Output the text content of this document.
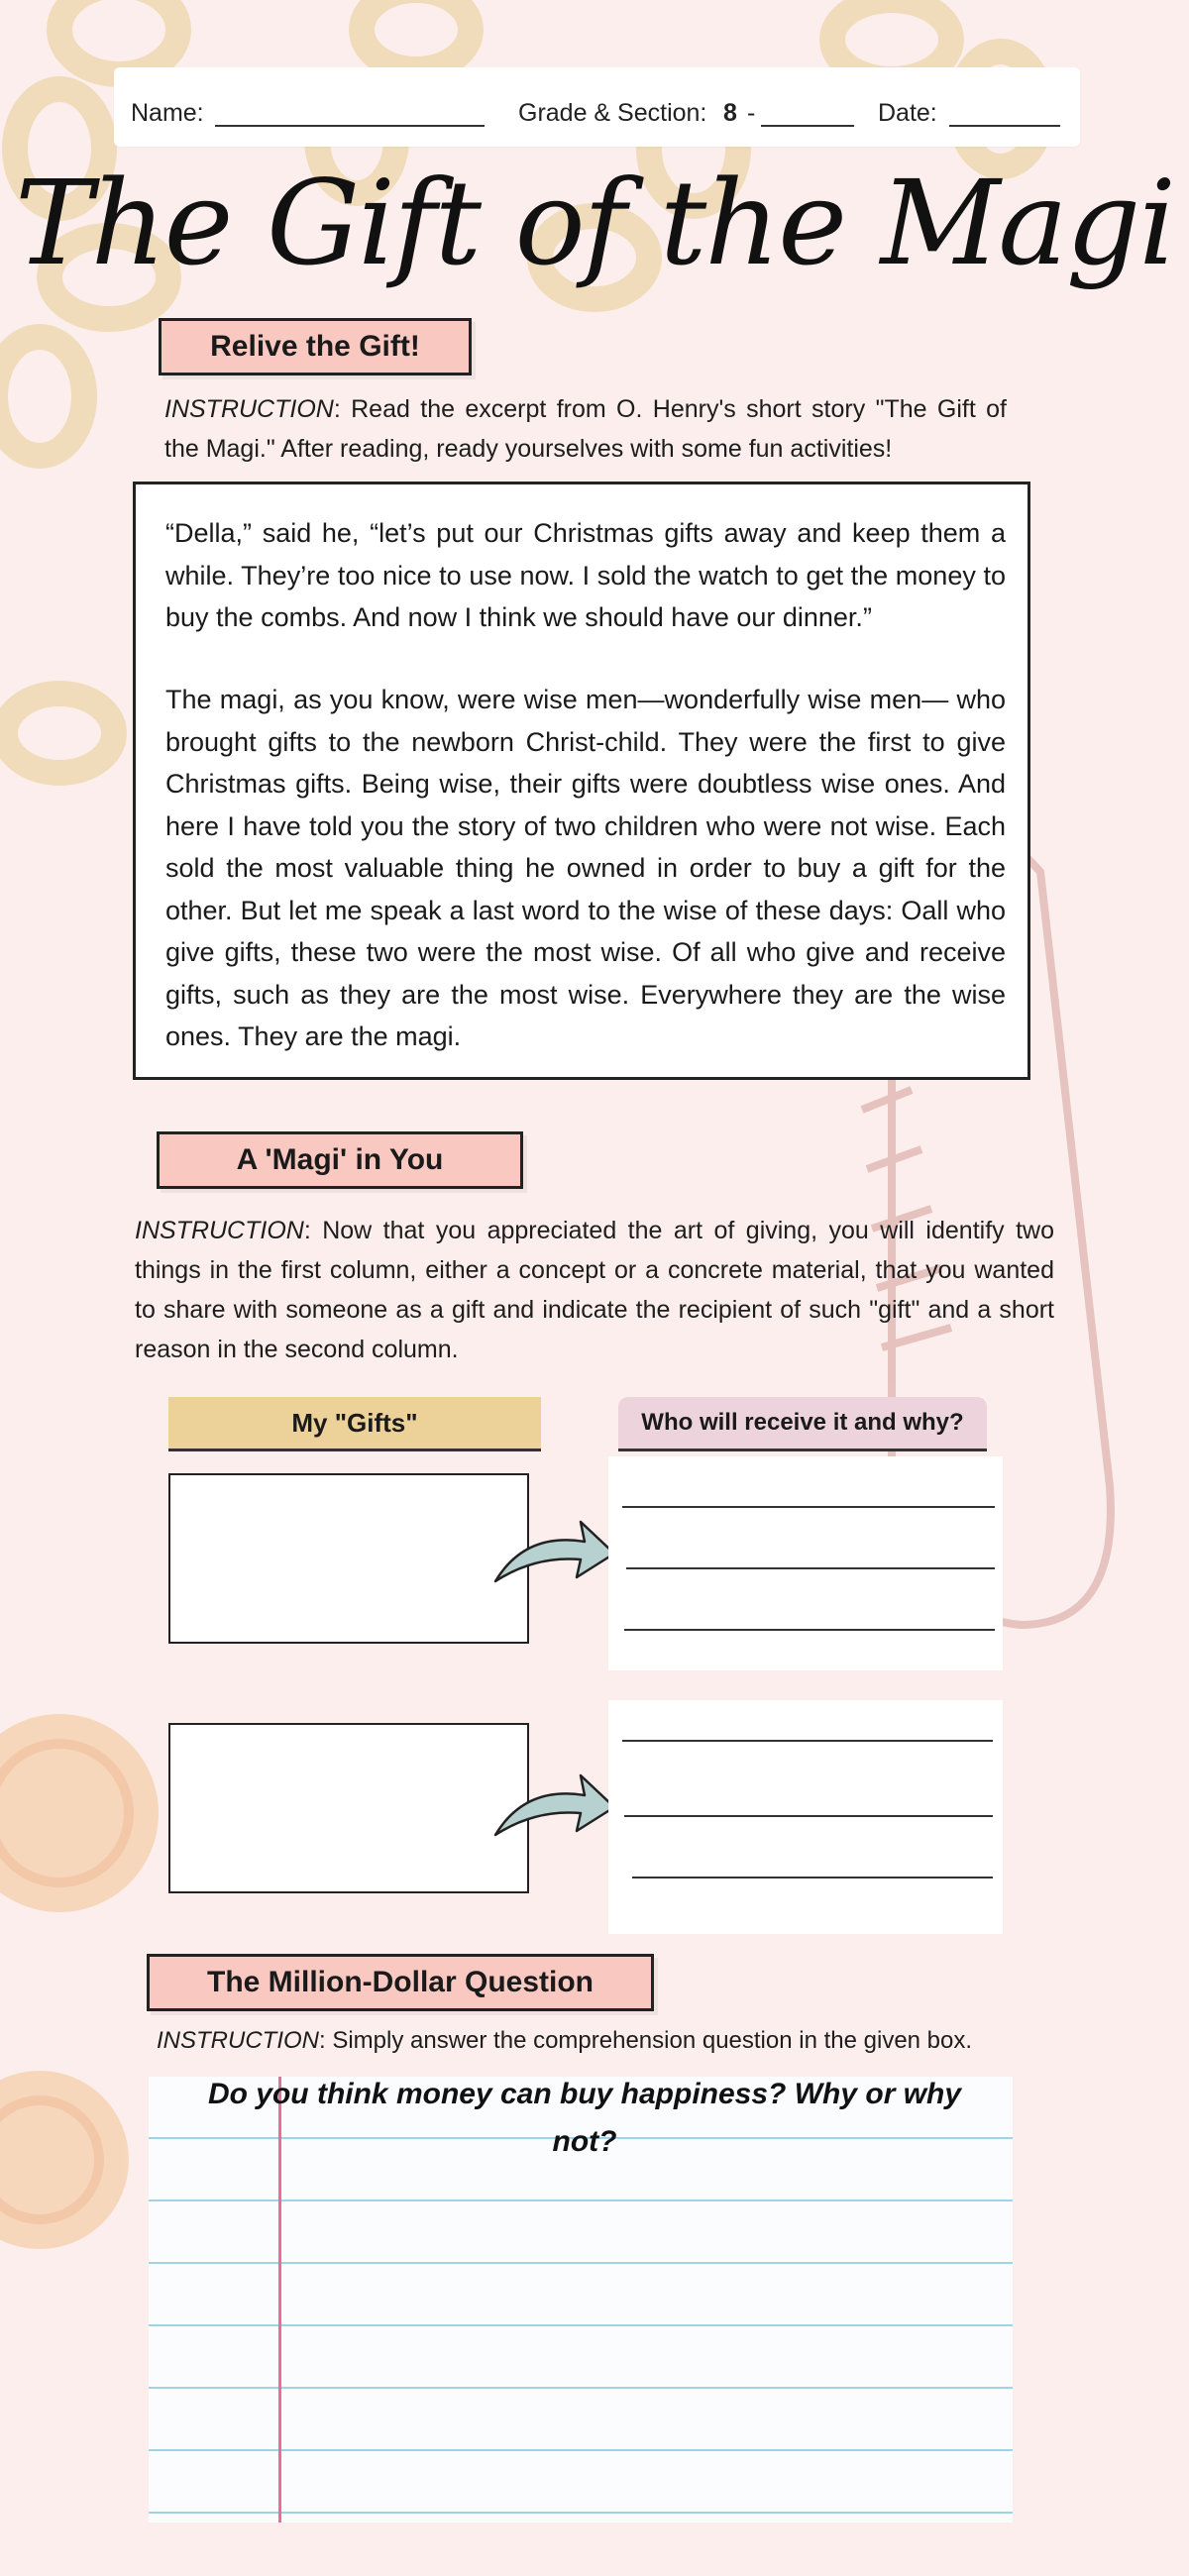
Name:	Grade & Section: 8 -	Date:
The Gift of the Magi
Relive the Gift!
INSTRUCTION: Read the excerpt from O. Henry's short story "The Gift of the Magi." After reading, ready yourselves with some fun activities!
“Della,” said he, “let’s put our Christmas gifts away and keep them a while. They’re too nice to use now. I sold the watch to get the money to buy the combs. And now I think we should have our dinner.”
The magi, as you know, were wise men—wonderfully wise men— who brought gifts to the newborn Christ-child. They were the first to give Christmas gifts. Being wise, their gifts were doubtless wise ones. And here I have told you the story of two children who were not wise. Each sold the most valuable thing he owned in order to buy a gift for the other. But let me speak a last word to the wise of these days: Oall who give gifts, these two were the most wise. Of all who give and receive gifts, such as they are the most wise. Everywhere they are the wise ones. They are the magi.
A 'Magi' in You
INSTRUCTION: Now that you appreciated the art of giving, you will identify two things in the first column, either a concept or a concrete material, that you wanted to share with someone as a gift and indicate the recipient of such "gift" and a short reason in the second column.
My "Gifts"	Who will receive it and why?
The Million-Dollar Question
INSTRUCTION: Simply answer the comprehension question in the given box.
Do you think money can buy happiness? Why or why not?
